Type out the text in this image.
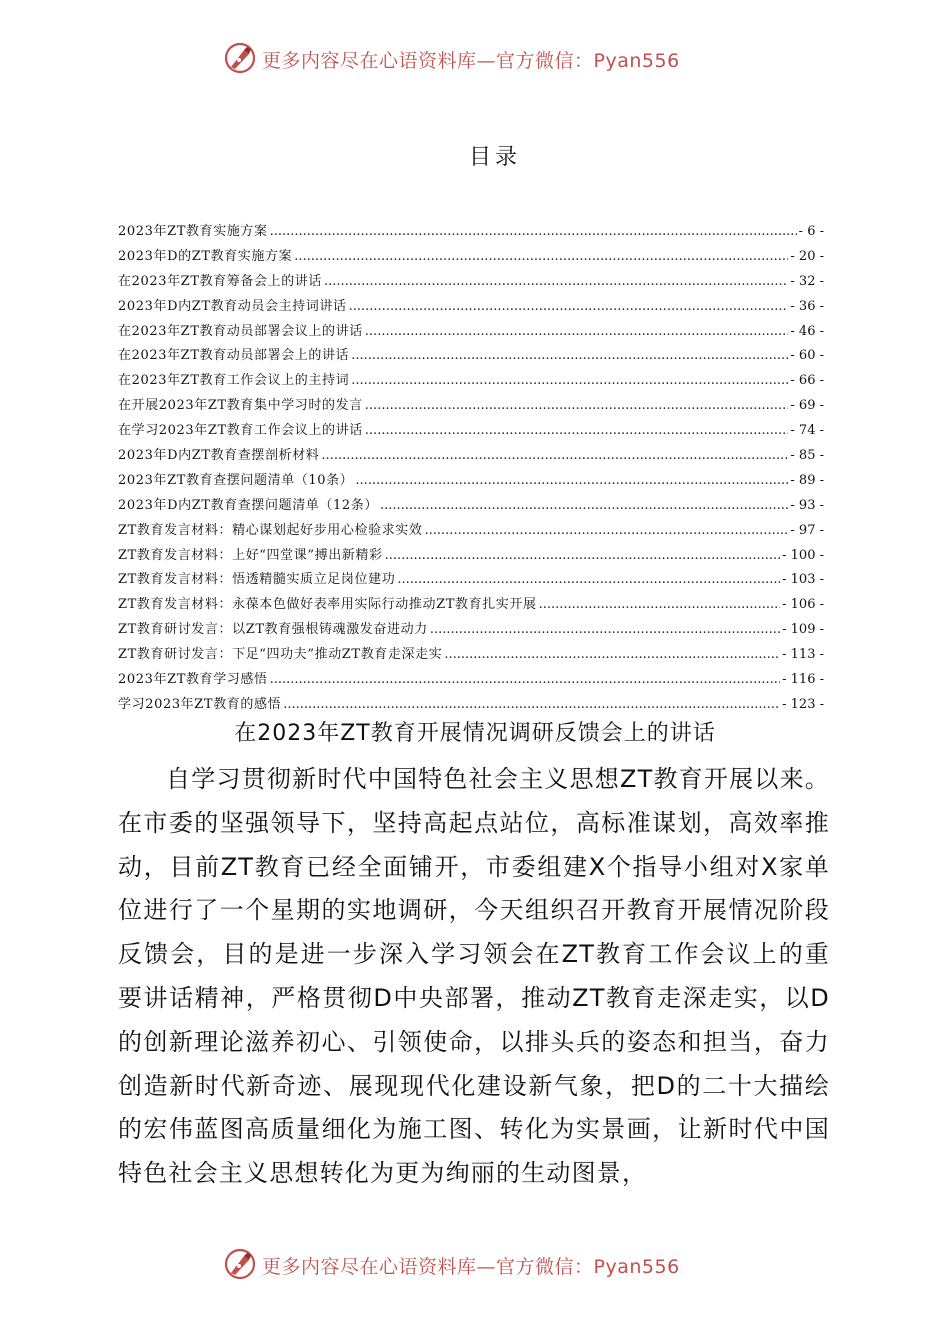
更多内容尽在心语资料库—官方微信：Pyan556
目录
2023年ZT教育实施方案 .....	- 6 -
2023年D的ZT教育实施方案 .....	- 20 -
在2023年ZT教育筹备会上的讲话 .....	- 32 -
2023年D内ZT教育动员会主持词讲话 .....	- 36 -
在2023年ZT教育动员部署会议上的讲话 .....	- 46 -
在2023年ZT教育动员部署会上的讲话 .....	- 60 -
在2023年ZT教育工作会议上的主持词 .....	- 66 -
在开展2023年ZT教育集中学习时的发言 .....	- 69 -
在学习2023年ZT教育工作会议上的讲话 .....	- 74 -
2023年D内ZT教育查摆剖析材料 .....	- 85 -
2023年ZT教育查摆问题清单（10条） .....	- 89 -
2023年D内ZT教育查摆问题清单（12条） .....	- 93 -
ZT教育发言材料：精心谋划起好步用心检验求实效 .....	- 97 -
ZT教育发言材料：上好“四堂课”搏出新精彩 .....	- 100 -
ZT教育发言材料：悟透精髓实质立足岗位建功 .....	- 103 -
ZT教育发言材料：永葆本色做好表率用实际行动推动ZT教育扎实开展 .....	- 106 -
ZT教育研讨发言：以ZT教育强根铸魂激发奋进动力 .....	- 109 -
ZT教育研讨发言：下足“四功夫”推动ZT教育走深走实 .....	- 113 -
2023年ZT教育学习感悟 .....	- 116 -
学习2023年ZT教育的感悟 .....	- 123 -
在2023年ZT教育开展情况调研反馈会上的讲话

自学习贯彻新时代中国特色社会主义思想ZT教育开展以来。在市委的坚强领导下，坚持高起点站位，高标准谋划，高效率推动，目前ZT教育已经全面铺开，市委组建X个指导小组对X家单位进行了一个星期的实地调研，今天组织召开教育开展情况阶段反馈会，目的是进一步深入学习领会在ZT教育工作会议上的重要讲话精神，严格贯彻D中央部署，推动ZT教育走深走实，以D的创新理论滋养初心、引领使命，以排头兵的姿态和担当，奋力创造新时代新奇迹、展现现代化建设新气象，把D的二十大描绘的宏伟蓝图高质量细化为施工图、转化为实景画，让新时代中国特色社会主义思想转化为更为绚丽的生动图景，

更多内容尽在心语资料库—官方微信：Pyan556
